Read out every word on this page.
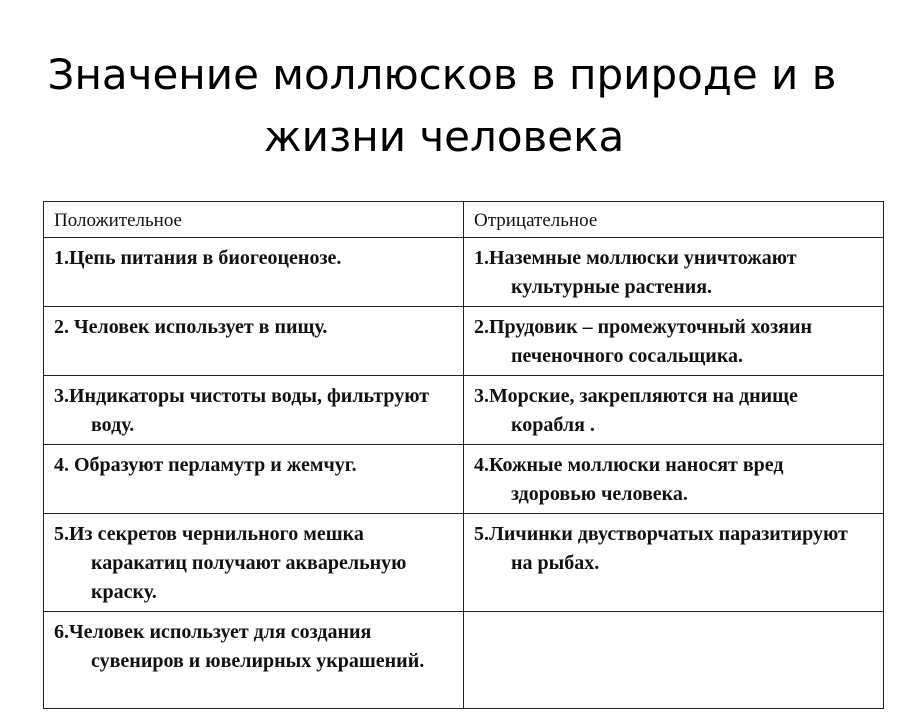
Значение моллюсков в природе и в
жизни человека
Положительное	Отрицательное

1.Цепь питания в биогеоценозе.	1.Наземные моллюски уничтожают культурные растения.

2. Человек использует в пищу.	2.Прудовик – промежуточный хозяин печеночного сосальщика.

3.Индикаторы чистоты воды, фильтруют воду.	3.Морские, закрепляются на днище корабля .

4. Образуют перламутр и жемчуг.	4.Кожные моллюски наносят вред здоровью человека.

5.Из секретов чернильного мешка каракатиц получают акварельную краску.	5.Личинки двустворчатых паразитируют на рыбах.

6.Человек использует для создания сувениров и ювелирных украшений.	
